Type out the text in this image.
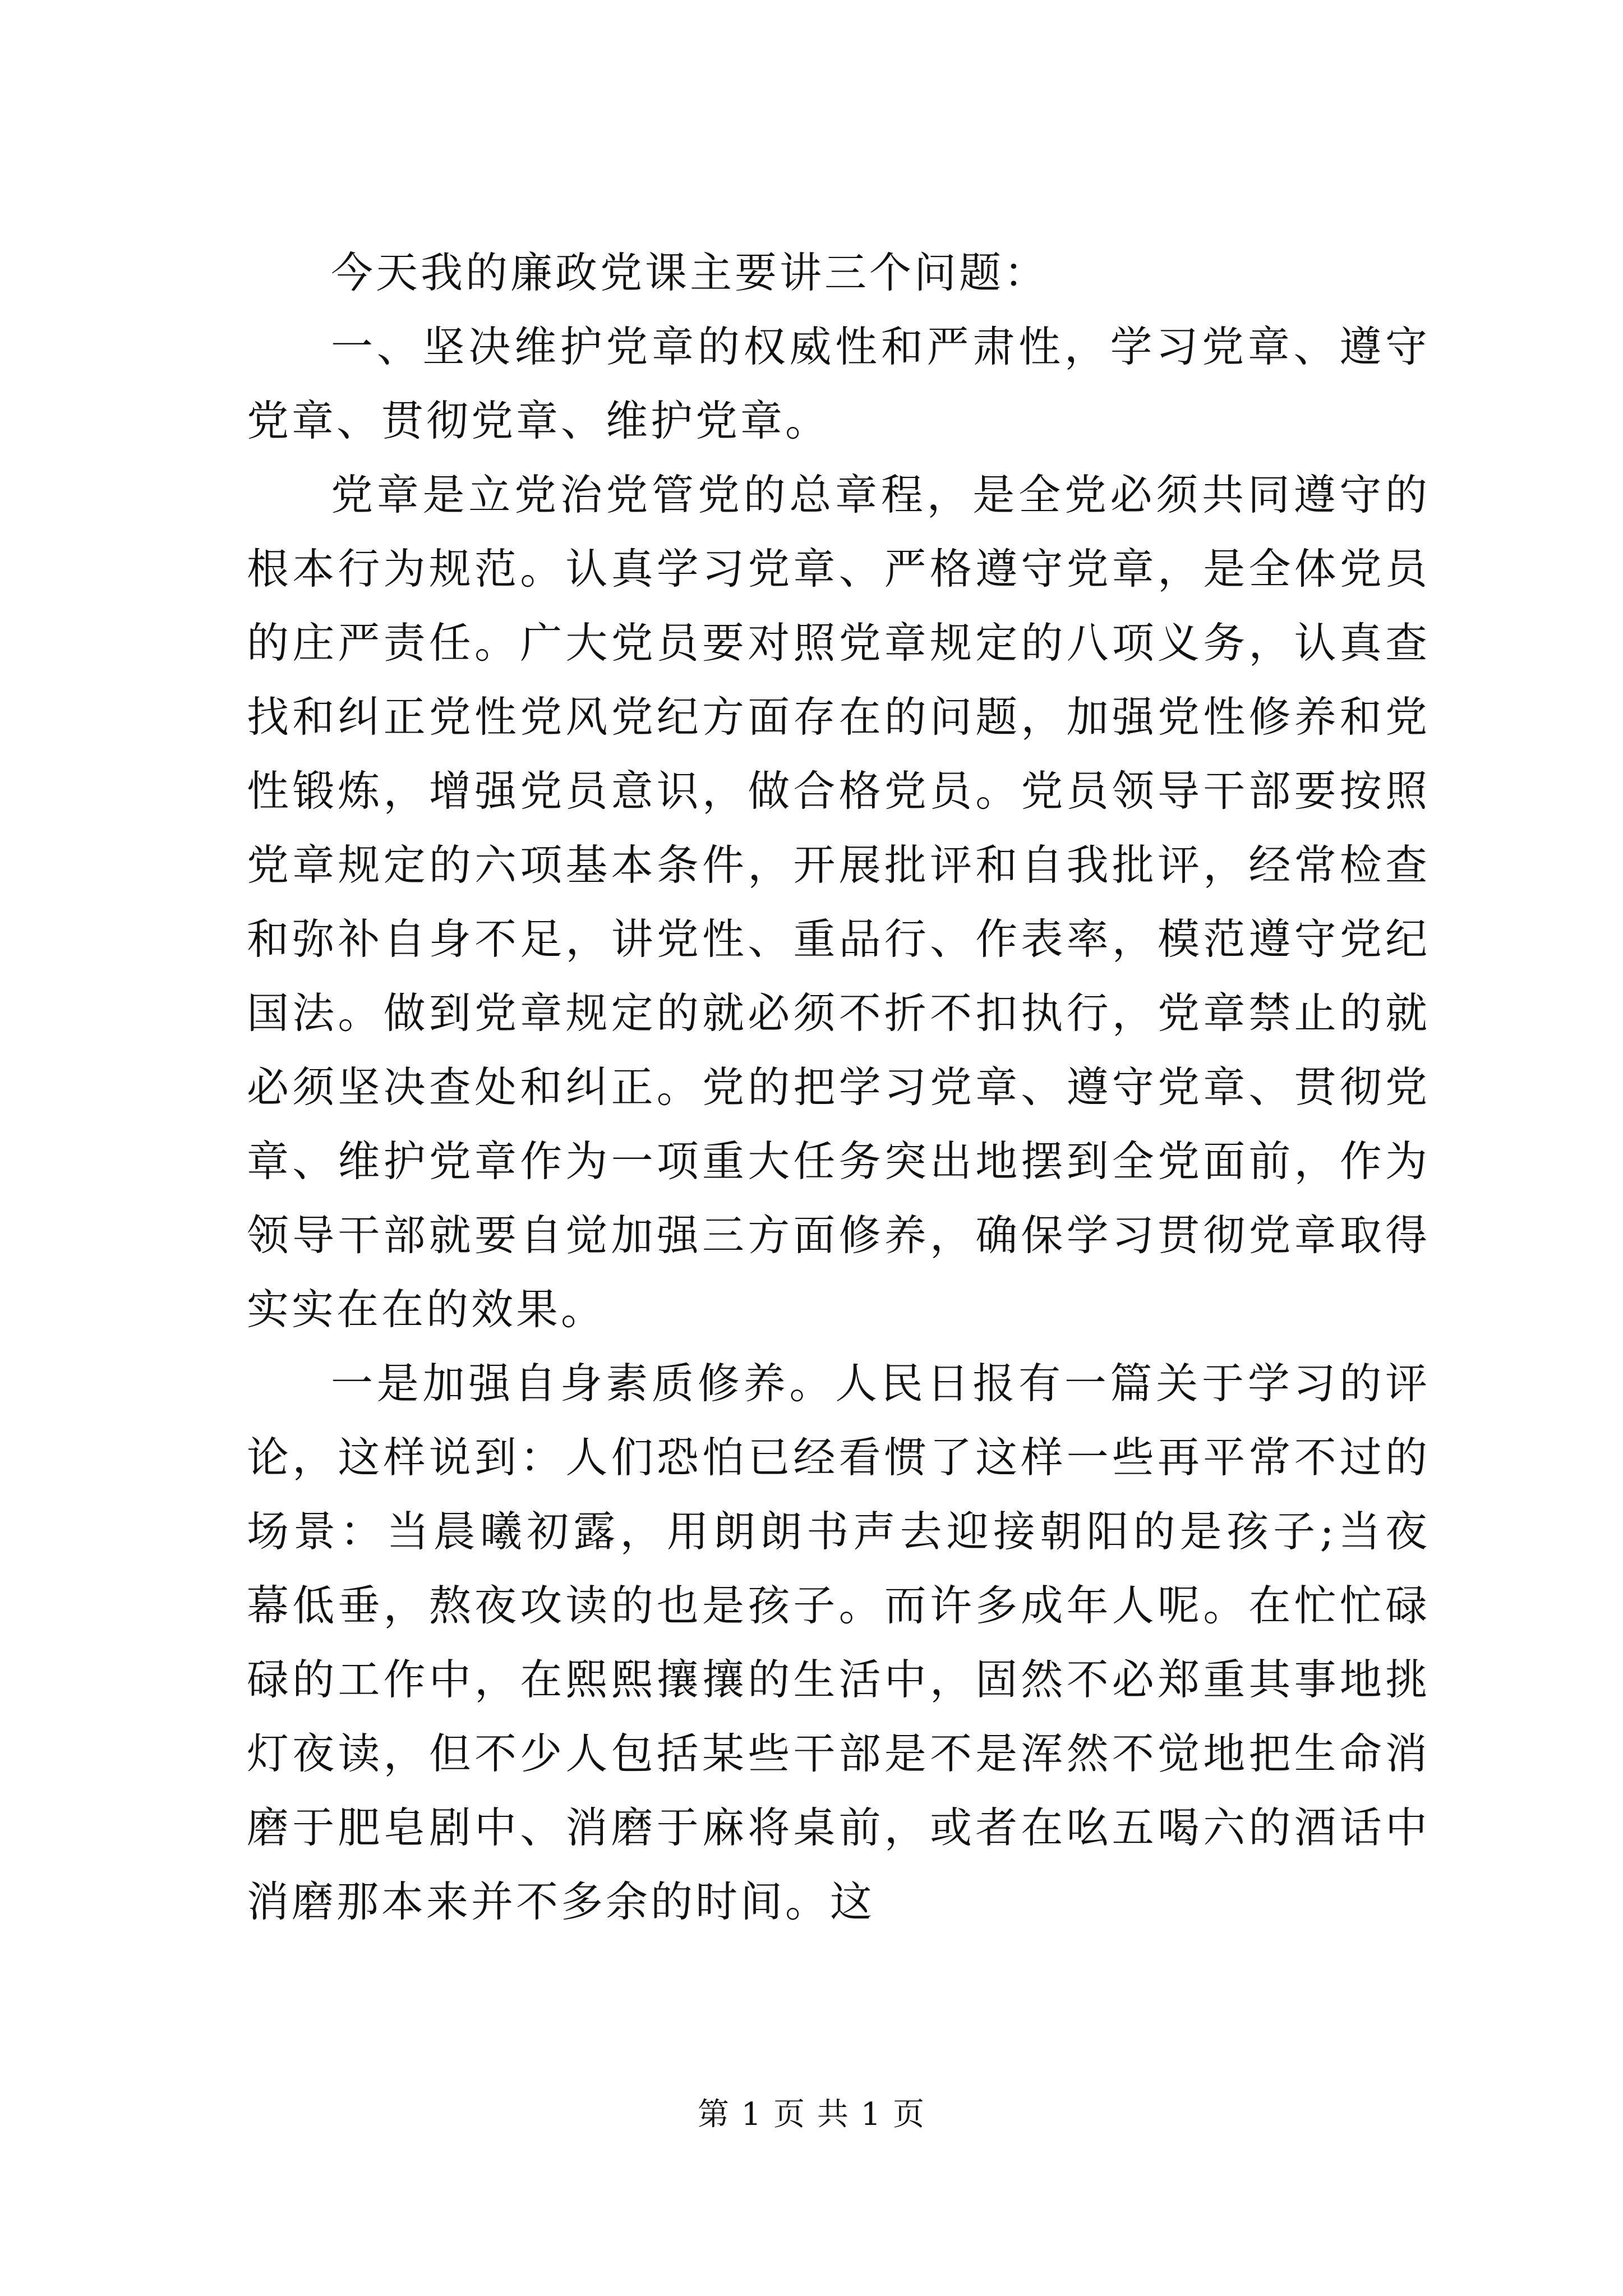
今天我的廉政党课主要讲三个问题：

一、坚决维护党章的权威性和严肃性，学习党章、遵守党章、贯彻党章、维护党章。

党章是立党治党管党的总章程，是全党必须共同遵守的根本行为规范。认真学习党章、严格遵守党章，是全体党员的庄严责任。广大党员要对照党章规定的八项义务，认真查找和纠正党性党风党纪方面存在的问题，加强党性修养和党性锻炼，增强党员意识，做合格党员。党员领导干部要按照党章规定的六项基本条件，开展批评和自我批评，经常检查和弥补自身不足，讲党性、重品行、作表率，模范遵守党纪国法。做到党章规定的就必须不折不扣执行，党章禁止的就必须坚决查处和纠正。党的把学习党章、遵守党章、贯彻党章、维护党章作为一项重大任务突出地摆到全党面前，作为领导干部就要自觉加强三方面修养，确保学习贯彻党章取得实实在在的效果。

一是加强自身素质修养。人民日报有一篇关于学习的评论，这样说到：人们恐怕已经看惯了这样一些再平常不过的场景：当晨曦初露，用朗朗书声去迎接朝阳的是孩子;当夜幕低垂，熬夜攻读的也是孩子。而许多成年人呢。在忙忙碌碌的工作中，在熙熙攘攘的生活中，固然不必郑重其事地挑灯夜读，但不少人包括某些干部是不是浑然不觉地把生命消磨于肥皂剧中、消磨于麻将桌前，或者在吆五喝六的酒话中消磨那本来并不多余的时间。这

第 1 页 共 1 页
